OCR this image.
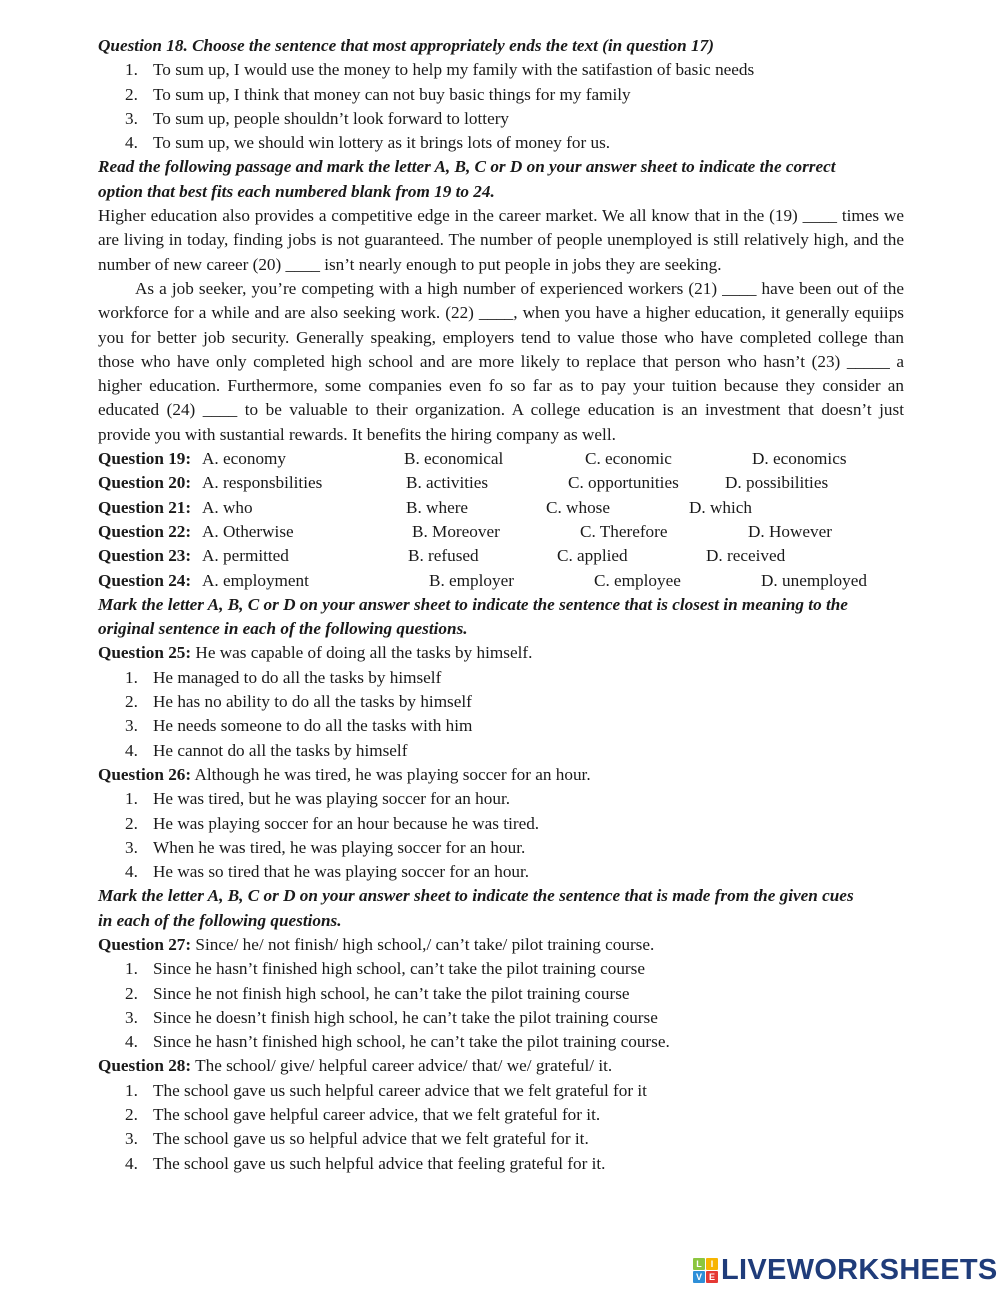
Question 18. Choose the sentence that most appropriately ends the text (in question 17)
1. To sum up, I would use the money to help my family with the satifastion of basic needs
2. To sum up, I think that money can not buy basic things for my family
3. To sum up, people shouldn’t look forward to lottery
4. To sum up, we should win lottery as it brings lots of money for us.
Read the following passage and mark the letter A, B, C or D on your answer sheet to indicate the correct
option that best fits each numbered blank from 19 to 24.

Higher education also provides a competitive edge in the career market. We all know that in the (19) ____ times we are living in today, finding jobs is not guaranteed. The number of people unemployed is still relatively high, and the number of new career (20) ____ isn’t nearly enough to put people in jobs they are seeking.

As a job seeker, you’re competing with a high number of experienced workers (21) ____ have been out of the workforce for a while and are also seeking work. (22) ____, when you have a higher education, it generally equiips you for better job security. Generally speaking, employers tend to value those who have completed college than those who have only completed high school and are more likely to replace that person who hasn’t (23) _____ a higher education. Furthermore, some companies even fo so far as to pay your tuition because they consider an educated (24) ____ to be valuable to their organization. A college education is an investment that doesn’t just provide you with sustantial rewards. It benefits the hiring company as well.

Question 19: A. economy	B. economical	C. economic	D. economics
Question 20: A. responsbilities	B. activities	C. opportunities	D. possibilities
Question 21: A. who	B. where	C. whose	D. which
Question 22: A. Otherwise	B. Moreover	C. Therefore	D. However
Question 23: A. permitted	B. refused	C. applied	D. received
Question 24: A. employment	B. employer	C. employee	D. unemployed
Mark the letter A, B, C or D on your answer sheet to indicate the sentence that is closest in meaning to the
original sentence in each of the following questions.
Question 25: He was capable of doing all the tasks by himself.
1. He managed to do all the tasks by himself
2. He has no ability to do all the tasks by himself
3. He needs someone to do all the tasks with him
4. He cannot do all the tasks by himself
Question 26: Although he was tired, he was playing soccer for an hour.
1. He was tired, but he was playing soccer for an hour.
2. He was playing soccer for an hour because he was tired.
3. When he was tired, he was playing soccer for an hour.
4. He was so tired that he was playing soccer for an hour.
Mark the letter A, B, C or D on your answer sheet to indicate the sentence that is made from the given cues
in each of the following questions.
Question 27: Since/ he/ not finish/ high school,/ can’t take/ pilot training course.
1. Since he hasn’t finished high school, can’t take the pilot training course
2. Since he not finish high school, he can’t take the pilot training course
3. Since he doesn’t finish high school, he can’t take the pilot training course
4. Since he hasn’t finished high school, he can’t take the pilot training course.
Question 28: The school/ give/ helpful career advice/ that/ we/ grateful/ it.
1. The school gave us such helpful career advice that we felt grateful for it
2. The school gave helpful career advice, that we felt grateful for it.
3. The school gave us so helpful advice that we felt grateful for it.
4. The school gave us such helpful advice that feeling grateful for it.
L I
V E LIVEWORKSHEETS
